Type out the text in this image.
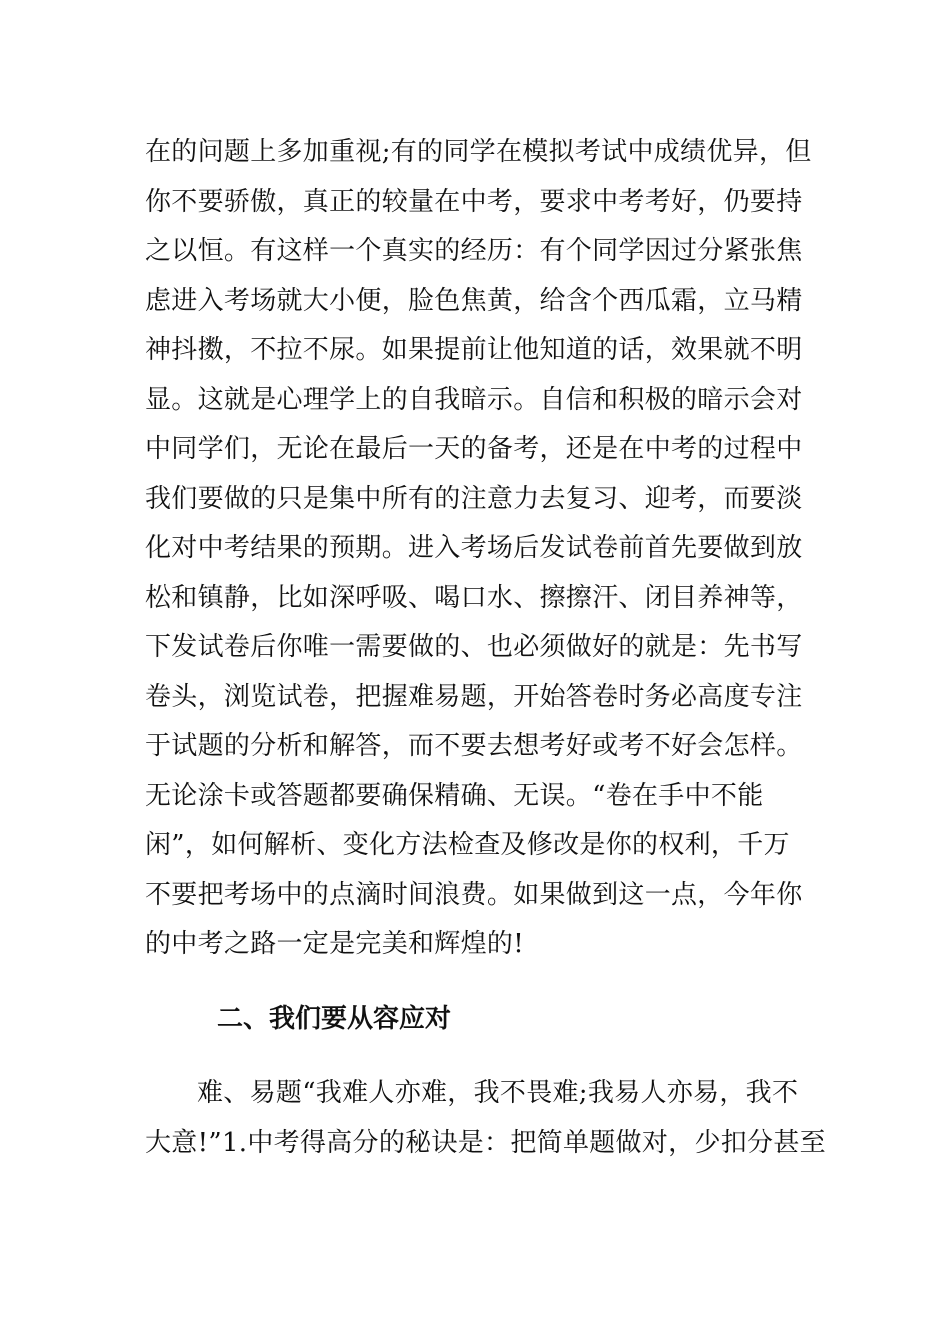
在的问题上多加重视;有的同学在模拟考试中成绩优异，但
你不要骄傲，真正的较量在中考，要求中考考好，仍要持
之以恒。有这样一个真实的经历：有个同学因过分紧张焦
虑进入考场就大小便，脸色焦黄，给含个西瓜霜，立马精
神抖擞，不拉不尿。如果提前让他知道的话，效果就不明
显。这就是心理学上的自我暗示。自信和积极的暗示会对
中同学们，无论在最后一天的备考，还是在中考的过程中
我们要做的只是集中所有的注意力去复习、迎考，而要淡
化对中考结果的预期。进入考场后发试卷前首先要做到放
松和镇静，比如深呼吸、喝口水、擦擦汗、闭目养神等，
下发试卷后你唯一需要做的、也必须做好的就是：先书写
卷头，浏览试卷，把握难易题，开始答卷时务必高度专注
于试题的分析和解答，而不要去想考好或考不好会怎样。
无论涂卡或答题都要确保精确、无误。“卷在手中不能
闲”，如何解析、变化方法检查及修改是你的权利，千万
不要把考场中的点滴时间浪费。如果做到这一点，今年你
的中考之路一定是完美和辉煌的!
二、我们要从容应对
难、易题“我难人亦难，我不畏难;我易人亦易，我不
大意!”1.中考得高分的秘诀是：把简单题做对，少扣分甚至
